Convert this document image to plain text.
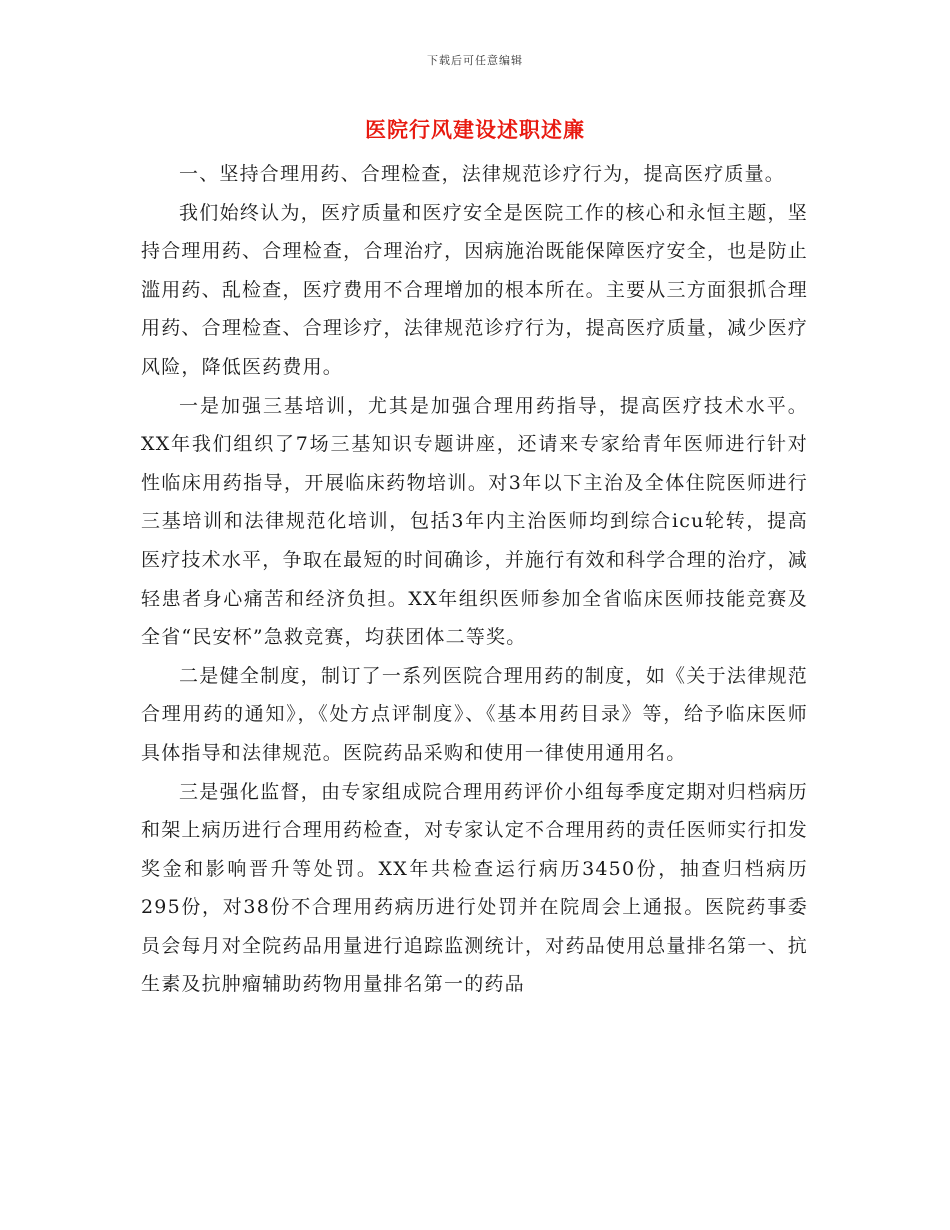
下载后可任意编辑
医院行风建设述职述廉

一、坚持合理用药、合理检查，法律规范诊疗行为，提高医疗质量。

我们始终认为，医疗质量和医疗安全是医院工作的核心和永恒主题，坚持合理用药、合理检查，合理治疗，因病施治既能保障医疗安全，也是防止滥用药、乱检查，医疗费用不合理增加的根本所在。主要从三方面狠抓合理用药、合理检查、合理诊疗，法律规范诊疗行为，提高医疗质量，减少医疗风险，降低医药费用。

一是加强三基培训，尤其是加强合理用药指导，提高医疗技术水平。XX年我们组织了7场三基知识专题讲座，还请来专家给青年医师进行针对性临床用药指导，开展临床药物培训。对3年以下主治及全体住院医师进行三基培训和法律规范化培训，包括3年内主治医师均到综合icu轮转，提高医疗技术水平，争取在最短的时间确诊，并施行有效和科学合理的治疗，减轻患者身心痛苦和经济负担。XX年组织医师参加全省临床医师技能竞赛及全省“民安杯”急救竞赛，均获团体二等奖。

二是健全制度，制订了一系列医院合理用药的制度，如《关于法律规范合理用药的通知》，《处方点评制度》、《基本用药目录》等，给予临床医师具体指导和法律规范。医院药品采购和使用一律使用通用名。

三是强化监督，由专家组成院合理用药评价小组每季度定期对归档病历和架上病历进行合理用药检查，对专家认定不合理用药的责任医师实行扣发奖金和影响晋升等处罚。XX年共检查运行病历3450份，抽查归档病历295份，对38份不合理用药病历进行处罚并在院周会上通报。医院药事委员会每月对全院药品用量进行追踪监测统计，对药品使用总量排名第一、抗生素及抗肿瘤辅助药物用量排名第一的药品
